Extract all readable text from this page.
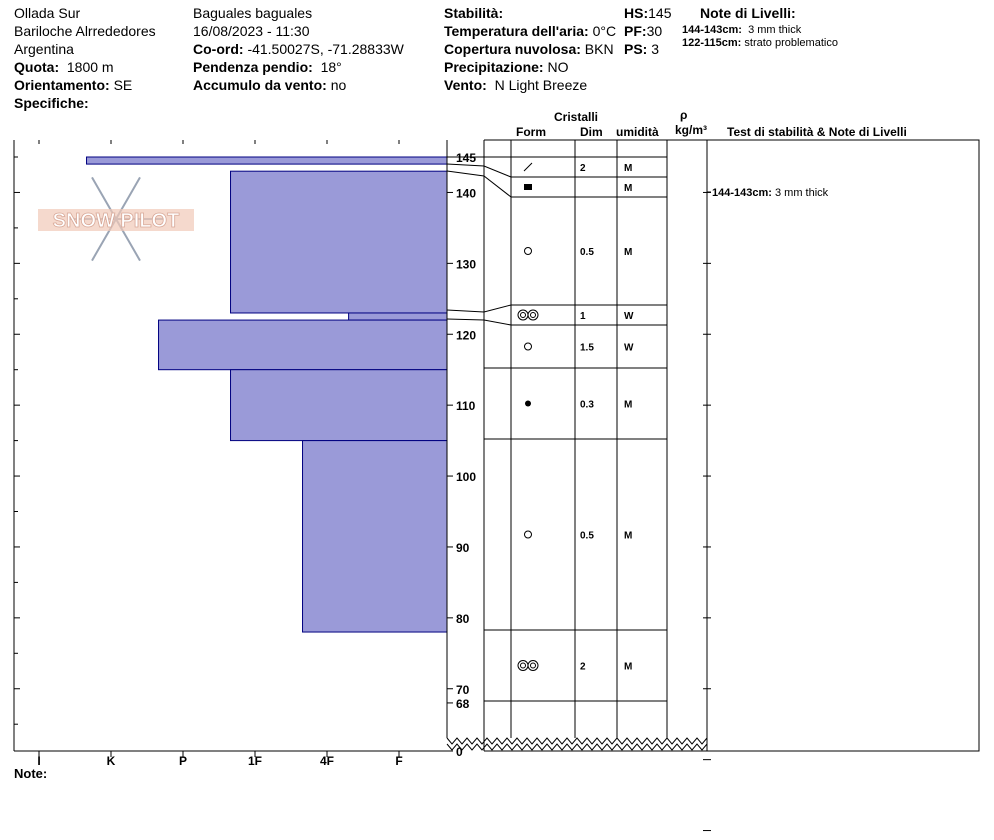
Ollada Sur
Bariloche Alrrededores
Argentina
Quota: 1800 m
Orientamento: SE
Specifiche:
Baguales baguales
16/08/2023 - 11:30
Co-ord: -41.50027S, -71.28833W
Pendenza pendio: 18°
Accumulo da vento: no
Stabilità:
Temperatura dell'aria: 0°C
Copertura nuvolosa: BKN
Precipitazione: NO
Vento: N Light Breeze
HS:145
PF:30
PS: 3
Note di Livelli:
144-143cm: 3 mm thick
122-115cm: strato problematico
Cristalli
Form	Dim umidità
ρ
kg/m³ Test di stabilità & Note di Livelli
Note:
I	K	P	1F	4F	F
SNOW PILOT
0
68
70
80
90
100
110
120
130
140
145
2	M
M
0.5	M
1	W
1.5	W
0.3	M
0.5	M
2	M
144-143cm: 3 mm thick
